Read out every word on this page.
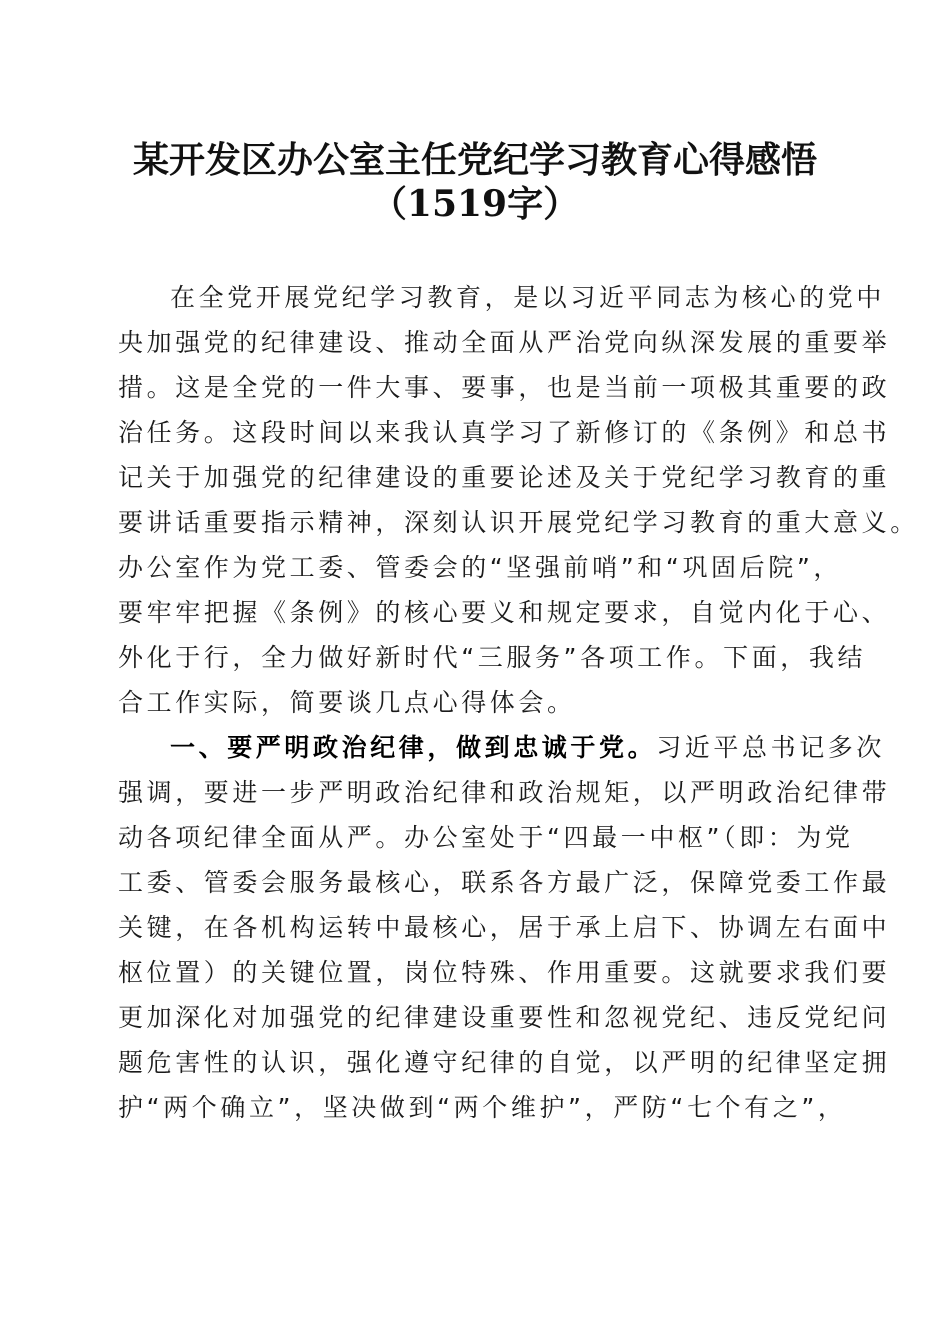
某开发区办公室主任党纪学习教育心得感悟
（1519字）
在全党开展党纪学习教育，是以习近平同志为核心的党中
央加强党的纪律建设、推动全面从严治党向纵深发展的重要举
措。这是全党的一件大事、要事，也是当前一项极其重要的政
治任务。这段时间以来我认真学习了新修订的《条例》和总书
记关于加强党的纪律建设的重要论述及关于党纪学习教育的重
要讲话重要指示精神，深刻认识开展党纪学习教育的重大意义。
办公室作为党工委、管委会的“坚强前哨”和“巩固后院”，
要牢牢把握《条例》的核心要义和规定要求，自觉内化于心、
外化于行，全力做好新时代“三服务”各项工作。下面，我结
合工作实际，简要谈几点心得体会。
一、要严明政治纪律，做到忠诚于党。习近平总书记多次
强调，要进一步严明政治纪律和政治规矩，以严明政治纪律带
动各项纪律全面从严。办公室处于“四最一中枢”（即：为党
工委、管委会服务最核心，联系各方最广泛，保障党委工作最
关键，在各机构运转中最核心，居于承上启下、协调左右面中
枢位置）的关键位置，岗位特殊、作用重要。这就要求我们要
更加深化对加强党的纪律建设重要性和忽视党纪、违反党纪问
题危害性的认识，强化遵守纪律的自觉，以严明的纪律坚定拥
护“两个确立”，坚决做到“两个维护”，严防“七个有之”，
